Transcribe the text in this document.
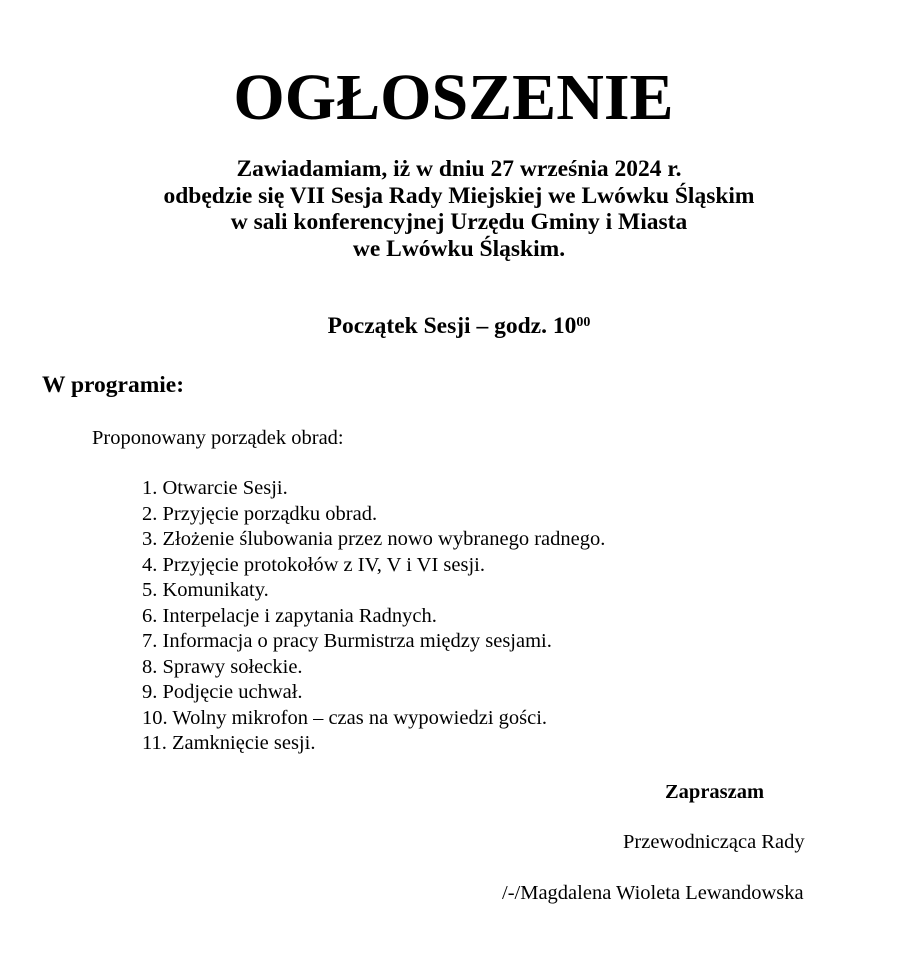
OGŁOSZENIE
Zawiadamiam, iż w dniu 27 września 2024 r.
odbędzie się VII Sesja Rady Miejskiej we Lwówku Śląskim
w sali konferencyjnej Urzędu Gminy i Miasta
we Lwówku Śląskim.
Początek Sesji – godz. $10^{00}$
W programie:
Proponowany porządek obrad:
1. Otwarcie Sesji.
2. Przyjęcie porządku obrad.
3. Złożenie ślubowania przez nowo wybranego radnego.
4. Przyjęcie protokołów z IV, V i VI sesji.
5. Komunikaty.
6. Interpelacje i zapytania Radnych.
7. Informacja o pracy Burmistrza między sesjami.
8. Sprawy sołeckie.
9. Podjęcie uchwał.
10. Wolny mikrofon – czas na wypowiedzi gości.
11. Zamknięcie sesji.
Zapraszam
Przewodnicząca Rady
/-/Magdalena Wioleta Lewandowska
